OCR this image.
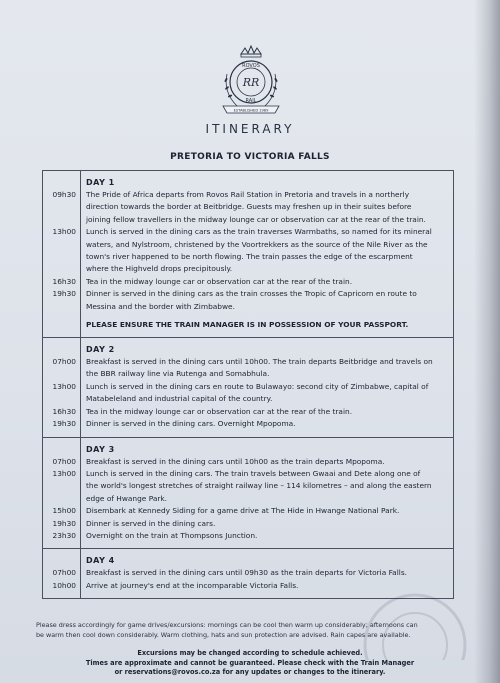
ROVOS
RAIL
RR
ESTABLISHED 1989
ITINERARY
PRETORIA TO VICTORIA FALLS
09h30

13h00

16h30
19h30

DAY 1
The Pride of Africa departs from Rovos Rail Station in Pretoria and travels in a northerly
direction towards the border at Beitbridge. Guests may freshen up in their suites before
joining fellow travellers in the midway lounge car or observation car at the rear of the train.
Lunch is served in the dining cars as the train traverses Warmbaths, so named for its mineral
waters, and Nylstroom, christened by the Voortrekkers as the source of the Nile River as the
town's river happened to be north flowing. The train passes the edge of the escarpment
where the Highveld drops precipitously.
Tea in the midway lounge car or observation car at the rear of the train.
Dinner is served in the dining cars as the train crosses the Tropic of Capricorn en route to
Messina and the border with Zimbabwe.
PLEASE ENSURE THE TRAIN MANAGER IS IN POSSESSION OF YOUR PASSPORT.
07h00

13h00

16h30
19h30
DAY 2
Breakfast is served in the dining cars until 10h00. The train departs Beitbridge and travels on
the BBR railway line via Rutenga and Somabhula.
Lunch is served in the dining cars en route to Bulawayo: second city of Zimbabwe, capital of
Matabeleland and industrial capital of the country.
Tea in the midway lounge car or observation car at the rear of the train.
Dinner is served in the dining cars. Overnight Mpopoma.
07h00
13h00

15h00
19h30
23h30
DAY 3
Breakfast is served in the dining cars until 10h00 as the train departs Mpopoma.
Lunch is served in the dining cars. The train travels between Gwaai and Dete along one of
the world's longest stretches of straight railway line – 114 kilometres – and along the eastern
edge of Hwange Park.
Disembark at Kennedy Siding for a game drive at The Hide in Hwange National Park.
Dinner is served in the dining cars.
Overnight on the train at Thompsons Junction.
07h00
10h00
DAY 4
Breakfast is served in the dining cars until 09h30 as the train departs for Victoria Falls.
Arrive at journey's end at the incomparable Victoria Falls.
Please dress accordingly for game drives/excursions: mornings can be cool then warm up considerably; afternoons can
be warm then cool down considerably. Warm clothing, hats and sun protection are advised. Rain capes are available.
Excursions may be changed according to schedule achieved.
Times are approximate and cannot be guaranteed. Please check with the Train Manager
or reservations@rovos.co.za for any updates or changes to the itinerary.
